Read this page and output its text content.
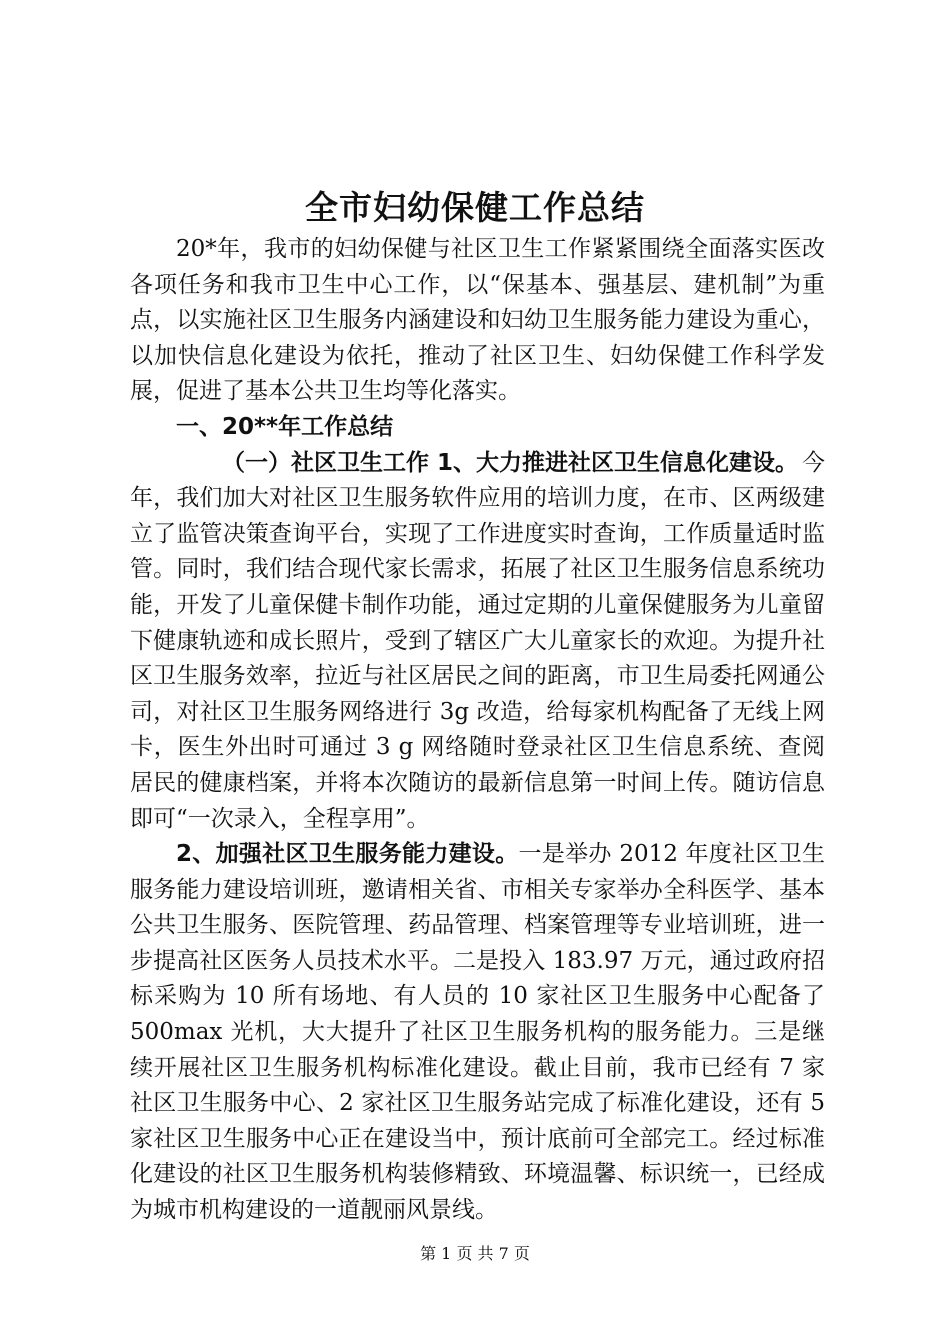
全市妇幼保健工作总结

20*年，我市的妇幼保健与社区卫生工作紧紧围绕全面落实医改各项任务和我市卫生中心工作，以“保基本、强基层、建机制”为重点，以实施社区卫生服务内涵建设和妇幼卫生服务能力建设为重心，以加快信息化建设为依托，推动了社区卫生、妇幼保健工作科学发展，促进了基本公共卫生均等化落实。

一、20**年工作总结

（一）社区卫生工作 1、大力推进社区卫生信息化建设。今年，我们加大对社区卫生服务软件应用的培训力度，在市、区两级建立了监管决策查询平台，实现了工作进度实时查询，工作质量适时监管。同时，我们结合现代家长需求，拓展了社区卫生服务信息系统功能，开发了儿童保健卡制作功能，通过定期的儿童保健服务为儿童留下健康轨迹和成长照片，受到了辖区广大儿童家长的欢迎。为提升社区卫生服务效率，拉近与社区居民之间的距离，市卫生局委托网通公司，对社区卫生服务网络进行 3g 改造，给每家机构配备了无线上网卡，医生外出时可通过 3 g 网络随时登录社区卫生信息系统、查阅居民的健康档案，并将本次随访的最新信息第一时间上传。随访信息即可“一次录入，全程享用”。

2、加强社区卫生服务能力建设。一是举办 2012 年度社区卫生服务能力建设培训班，邀请相关省、市相关专家举办全科医学、基本公共卫生服务、医院管理、药品管理、档案管理等专业培训班，进一步提高社区医务人员技术水平。二是投入 183.97 万元，通过政府招标采购为 10 所有场地、有人员的 10 家社区卫生服务中心配备了 500max 光机，大大提升了社区卫生服务机构的服务能力。三是继续开展社区卫生服务机构标准化建设。截止目前，我市已经有 7 家社区卫生服务中心、2 家社区卫生服务站完成了标准化建设，还有 5 家社区卫生服务中心正在建设当中，预计底前可全部完工。经过标准化建设的社区卫生服务机构装修精致、环境温馨、标识统一，已经成为城市机构建设的一道靓丽风景线。

第 1 页 共 7 页
